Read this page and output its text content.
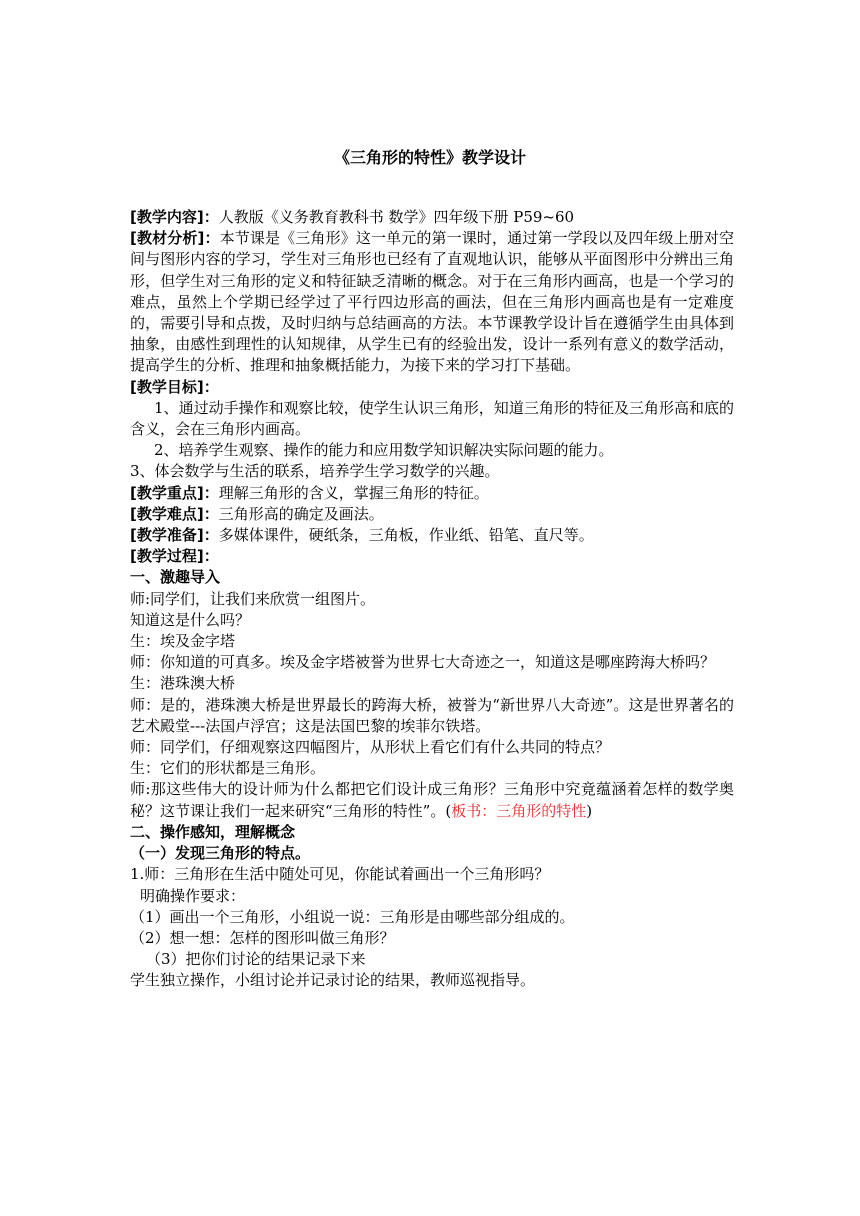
《三角形的特性》教学设计

[教学内容]：人教版《义务教育教科书 数学》四年级下册 P59~60

[教材分析]：本节课是《三角形》这一单元的第一课时，通过第一学段以及四年级上册对空间与图形内容的学习，学生对三角形也已经有了直观地认识，能够从平面图形中分辨出三角形，但学生对三角形的定义和特征缺乏清晰的概念。对于在三角形内画高，也是一个学习的难点，虽然上个学期已经学过了平行四边形高的画法，但在三角形内画高也是有一定难度的，需要引导和点拨，及时归纳与总结画高的方法。本节课教学设计旨在遵循学生由具体到抽象，由感性到理性的认知规律，从学生已有的经验出发，设计一系列有意义的数学活动，提高学生的分析、推理和抽象概括能力，为接下来的学习打下基础。

[教学目标]：

1、通过动手操作和观察比较，使学生认识三角形，知道三角形的特征及三角形高和底的含义，会在三角形内画高。

2、培养学生观察、操作的能力和应用数学知识解决实际问题的能力。

3、体会数学与生活的联系，培养学生学习数学的兴趣。

[教学重点]：理解三角形的含义，掌握三角形的特征。

[教学难点]：三角形高的确定及画法。

[教学准备]：多媒体课件，硬纸条，三角板，作业纸、铅笔、直尺等。

[教学过程]：

一、激趣导入

师:同学们，让我们来欣赏一组图片。

知道这是什么吗？

生：埃及金字塔

师：你知道的可真多。埃及金字塔被誉为世界七大奇迹之一，知道这是哪座跨海大桥吗？

生：港珠澳大桥

师：是的，港珠澳大桥是世界最长的跨海大桥，被誉为“新世界八大奇迹”。这是世界著名的艺术殿堂---法国卢浮宫；这是法国巴黎的埃菲尔铁塔。

师：同学们，仔细观察这四幅图片，从形状上看它们有什么共同的特点？

生：它们的形状都是三角形。

师:那这些伟大的设计师为什么都把它们设计成三角形？三角形中究竟蕴涵着怎样的数学奥秘？这节课让我们一起来研究“三角形的特性”。(板书：三角形的特性)

二、操作感知，理解概念

（一）发现三角形的特点。

1.师：三角形在生活中随处可见，你能试着画出一个三角形吗？

明确操作要求：

（1）画出一个三角形，小组说一说：三角形是由哪些部分组成的。

（2）想一想：怎样的图形叫做三角形？

（3）把你们讨论的结果记录下来

学生独立操作，小组讨论并记录讨论的结果，教师巡视指导。
